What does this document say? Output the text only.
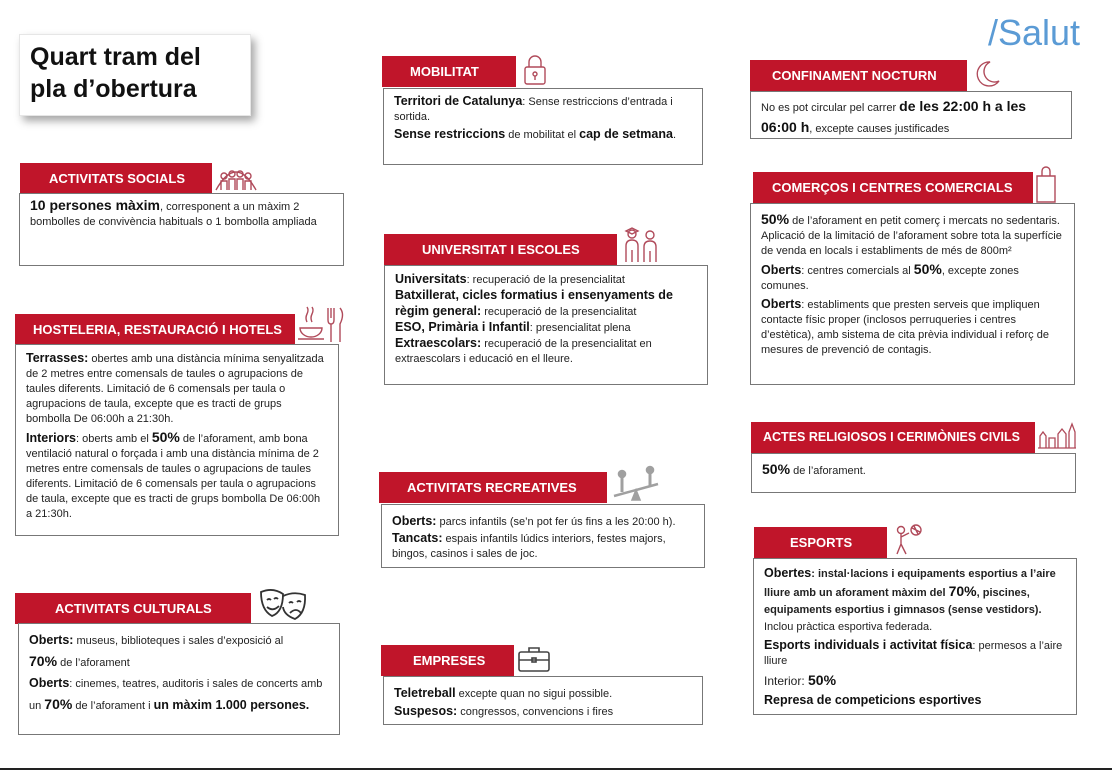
/Salut
Quart tram del
pla d’obertura
ACTIVITATS SOCIALS

10 persones màxim, corresponent a un màxim 2 bombolles de convivència habituals o 1 bombolla ampliada

HOSTELERIA, RESTAURACIÓ I HOTELS

Terrasses: obertes amb una distància mínima senyalitzada de 2 metres entre comensals de taules o agrupacions de taules diferents. Limitació de 6 comensals per taula o agrupacions de taula, excepte que es tracti de grups bombolla De 06:00h a 21:30h.

Interiors: oberts amb el 50% de l’aforament, amb bona ventilació natural o forçada i amb una distància mínima de 2 metres entre comensals de taules o agrupacions de taules diferents. Limitació de 6 comensals per taula o agrupacions de taula, excepte que es tracti de grups bombolla De 06:00h a 21:30h.

ACTIVITATS CULTURALS

Oberts: museus, biblioteques i sales d’exposició al
70% de l’aforament

Oberts: cinemes, teatres, auditoris i sales de concerts amb un 70% de l’aforament i un màxim 1.000 persones.

MOBILITAT

Territori de Catalunya: Sense restriccions d’entrada i sortida.

Sense restriccions de mobilitat el cap de setmana.

UNIVERSITAT I ESCOLES

Universitats: recuperació de la presencialitat

Batxillerat, cicles formatius i ensenyaments de règim general: recuperació de la presencialitat

ESO, Primària i Infantil: presencialitat plena

Extraescolars: recuperació de la presencialitat en extraescolars i educació en el lleure.

ACTIVITATS RECREATIVES

Oberts: parcs infantils (se’n pot fer ús fins a les 20:00 h).

Tancats: espais infantils lúdics interiors, festes majors, bingos, casinos i sales de joc.

EMPRESES

Teletreball excepte quan no sigui possible.

Suspesos: congressos, convencions i fires

CONFINAMENT NOCTURN

No es pot circular pel carrer de les 22:00 h a les 06:00 h, excepte causes justificades

COMERÇOS I CENTRES COMERCIALS

50% de l’aforament en petit comerç i mercats no sedentaris. Aplicació de la limitació de l’aforament sobre tota la superfície de venda en locals i establiments de més de 800m²

Oberts: centres comercials al 50%, excepte zones comunes.

Oberts: establiments que presten serveis que impliquen contacte físic proper (inclosos perruqueries i centres d’estètica), amb sistema de cita prèvia individual i reforç de mesures de prevenció de contagis.

ACTES RELIGIOSOS I CERIMÒNIES CIVILS

50% de l’aforament.

ESPORTS

Obertes: instal·lacions i equipaments esportius a l’aire lliure amb un aforament màxim del 70%, piscines, equipaments esportius i gimnasos (sense vestidors). Inclou pràctica esportiva federada.

Esports individuals i activitat física: permesos a l’aire lliure

Interior: 50%

Represa de competicions esportives
